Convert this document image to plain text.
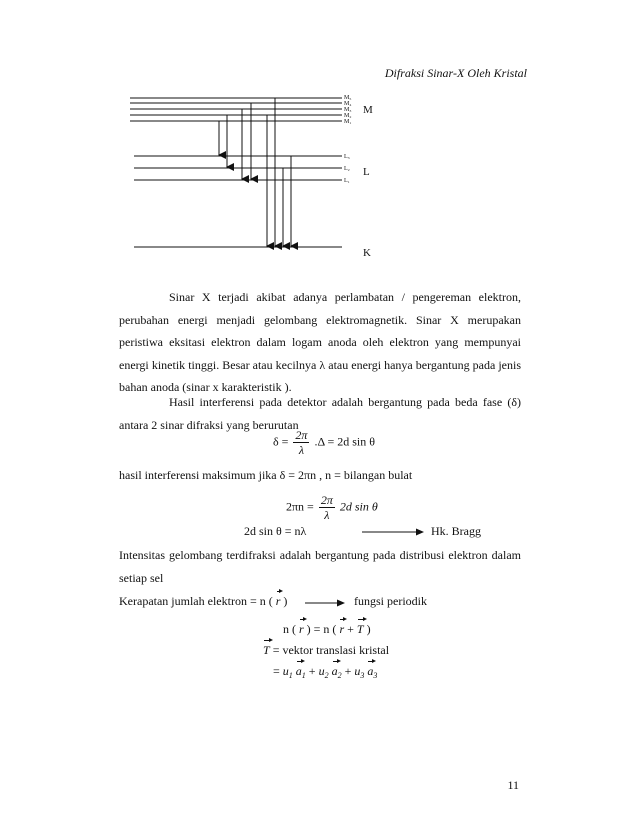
Difraksi Sinar-X Oleh Kristal
M₅
M₄
M₃
M₂
M₁
L₃
L₂
L₁
M
L
K

Sinar X terjadi akibat adanya perlambatan / pengereman elektron, perubahan energi menjadi gelombang elektromagnetik. Sinar X merupakan peristiwa eksitasi elektron dalam logam anoda oleh elektron yang mempunyai energi kinetik tinggi. Besar atau kecilnya λ atau energi hanya bergantung pada jenis bahan anoda (sinar x karakteristik ).

Hasil interferensi pada detektor adalah bergantung pada beda fase (δ) antara 2 sinar difraksi yang berurutan

$\delta = \frac{2\pi}{\lambda} .\Delta = 2d$ sin θ
hasil interferensi maksimum jika δ = 2πn , n = bilangan bulat
$2\pi n = \frac{2\pi}{\lambda} 2d$ sin θ
2d sin θ = nλ	Hk. Bragg

Intensitas gelombang terdifraksi adalah bergantung pada distribusi elektron dalam setiap sel

Kerapatan jumlah elektron = n ( r )	fungsi periodik
n ( r ) = n ( r + T )
T = vektor translasi kristal
= $u_1$ $a_1 + u_2$ $a_2 + u_3$ $a_3$
11
